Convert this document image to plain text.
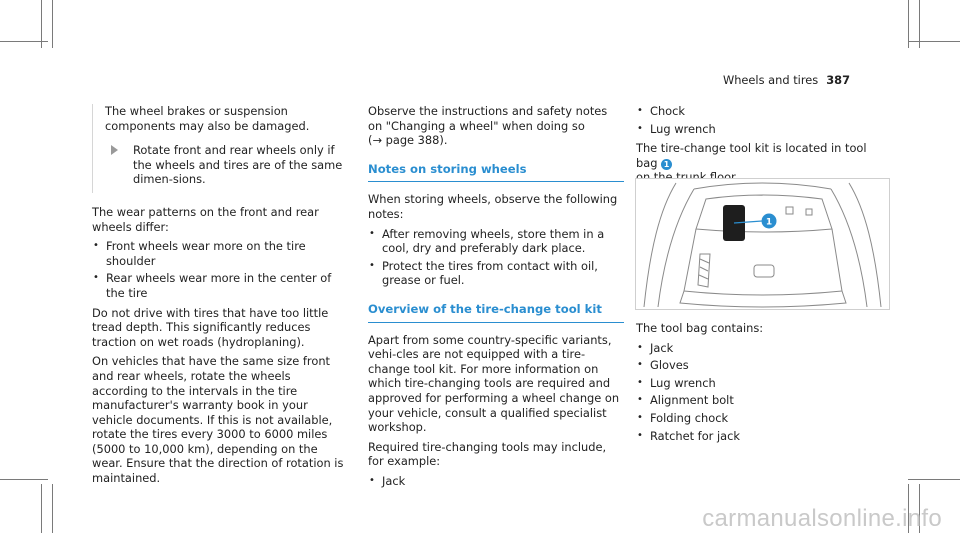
Wheels and tires 387

The wheel brakes or suspension components may also be damaged.

Rotate front and rear wheels only if the wheels and tires are of the same dimen-sions.

The wear patterns on the front and rear wheels differ:

• Front wheels wear more on the tire shoulder
• Rear wheels wear more in the center of the tire

Do not drive with tires that have too little tread depth. This significantly reduces traction on wet roads (hydroplaning).

On vehicles that have the same size front and rear wheels, rotate the wheels according to the intervals in the tire manufacturer's warranty book in your vehicle documents. If this is not available, rotate the tires every 3000 to 6000 miles (5000 to 10,000 km), depending on the wear. Ensure that the direction of rotation is maintained.

Observe the instructions and safety notes on "Changing a wheel" when doing so
(→ page 388).

Notes on storing wheels

When storing wheels, observe the following notes:

• After removing wheels, store them in a cool, dry and preferably dark place.
• Protect the tires from contact with oil, grease or fuel.
Overview of the tire-change tool kit

Apart from some country-specific variants, vehi-cles are not equipped with a tire-change tool kit. For more information on which tire-changing tools are required and approved for performing a wheel change on your vehicle, consult a qualified specialist workshop.

Required tire-changing tools may include, for example:

• Jack
• Chock
• Lug wrench

The tire-change tool kit is located in tool bag 1

1

The tool bag contains:

• Jack
• Gloves
• Lug wrench
• Alignment bolt
• Folding chock
• Ratchet for jack
carmanualsonline.info
